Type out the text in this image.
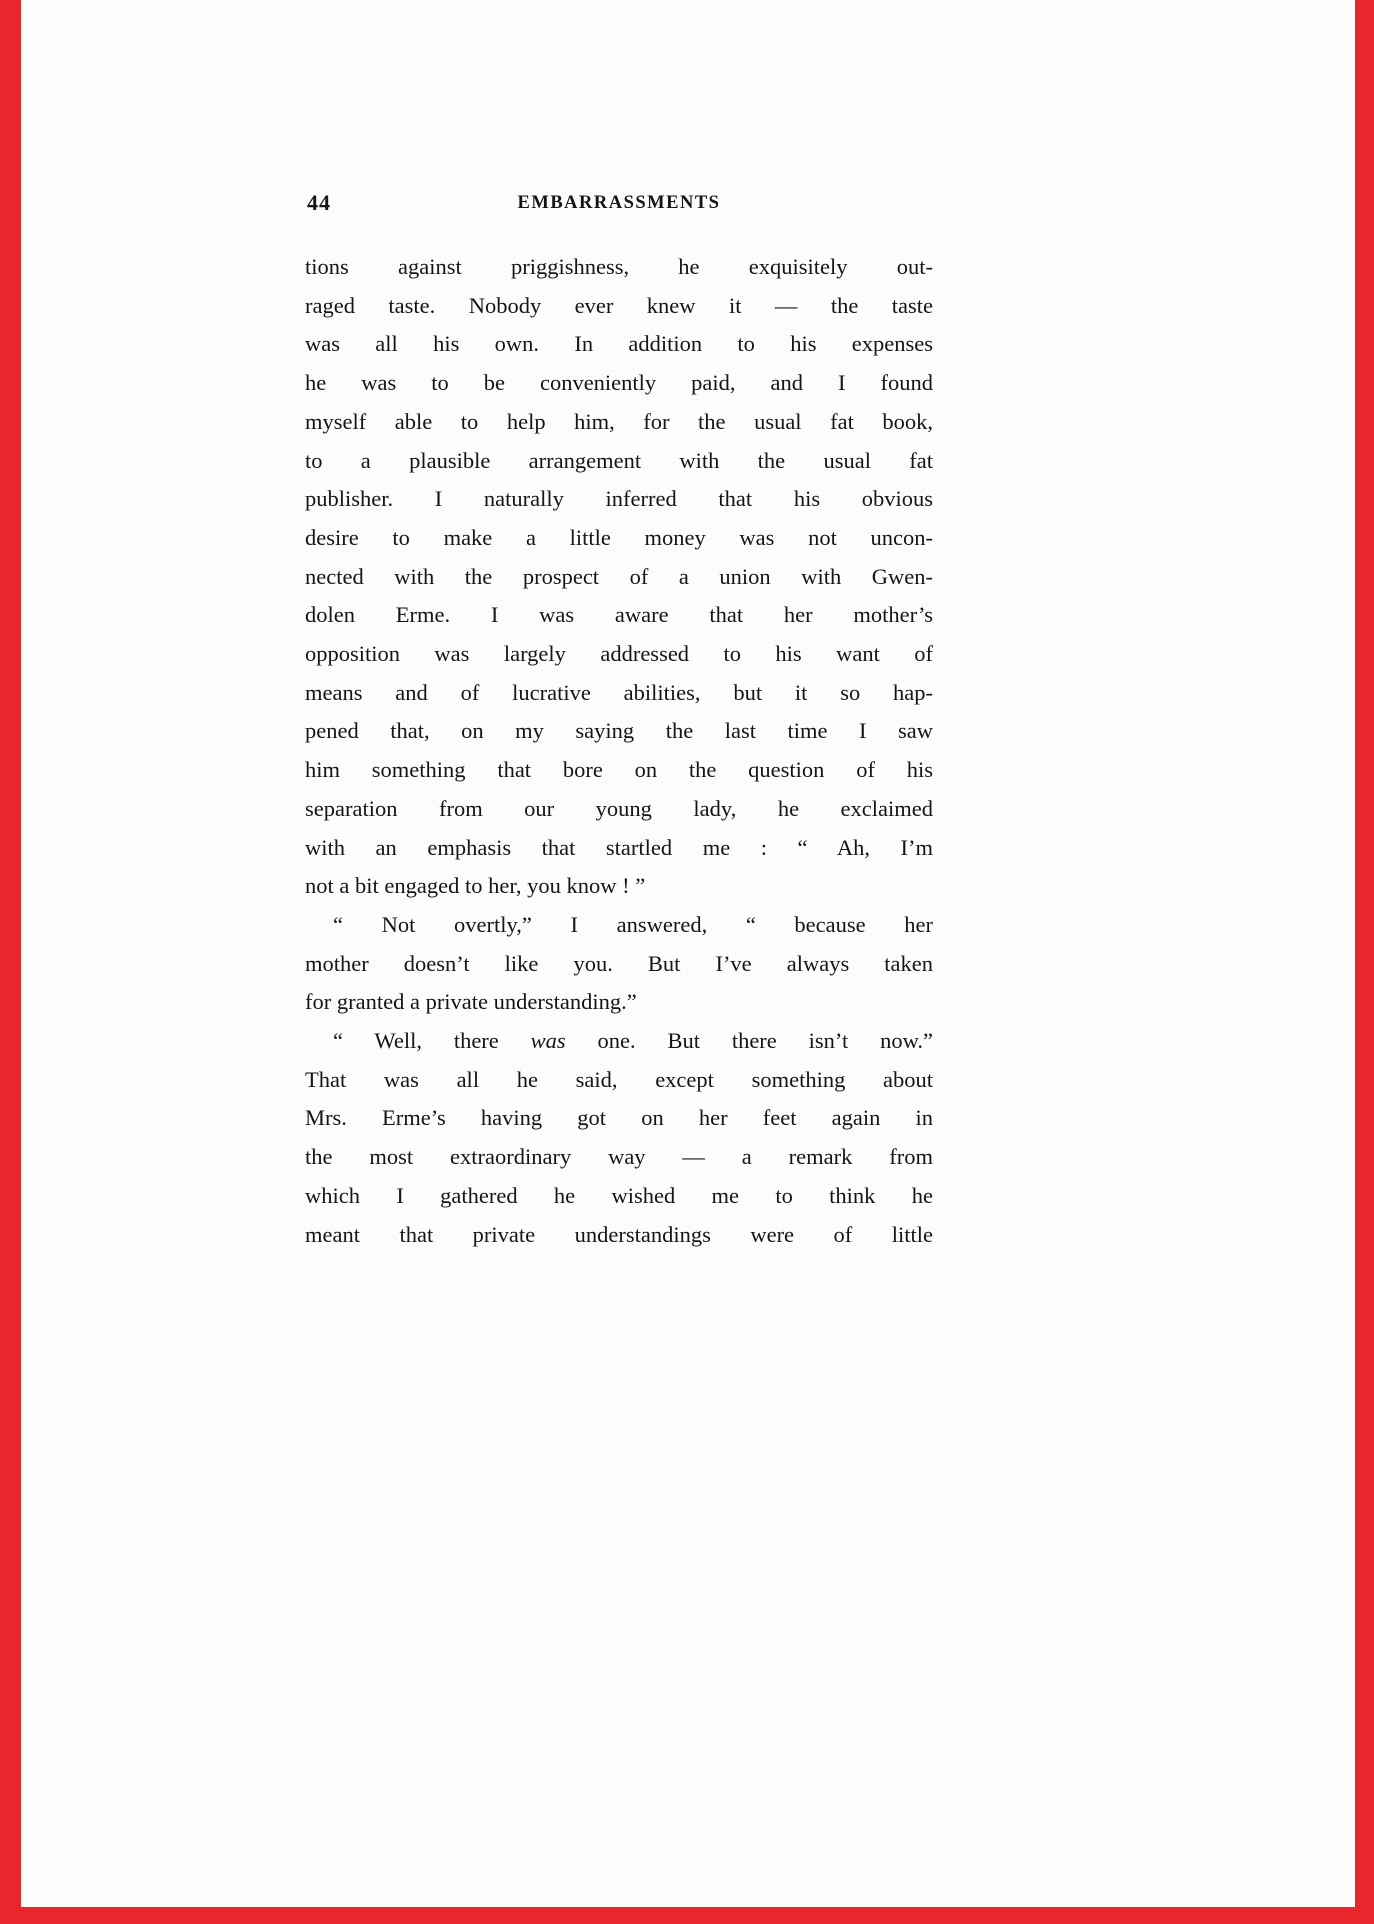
44	EMBARRASSMENTS
tions against priggishness, he exquisitely out-
raged taste. Nobody ever knew it — the taste
was all his own. In addition to his expenses
he was to be conveniently paid, and I found
myself able to help him, for the usual fat book,
to a plausible arrangement with the usual fat
publisher. I naturally inferred that his obvious
desire to make a little money was not uncon-
nected with the prospect of a union with Gwen-
dolen Erme. I was aware that her mother’s
opposition was largely addressed to his want of
means and of lucrative abilities, but it so hap-
pened that, on my saying the last time I saw
him something that bore on the question of his
separation from our young lady, he exclaimed
with an emphasis that startled me : “ Ah, I’m
not a bit engaged to her, you know ! ”
“ Not overtly,” I answered, “ because her
mother doesn’t like you. But I’ve always taken
for granted a private understanding.”
“ Well, there was one. But there isn’t now.”
That was all he said, except something about
Mrs. Erme’s having got on her feet again in
the most extraordinary way — a remark from
which I gathered he wished me to think he
meant that private understandings were of little
